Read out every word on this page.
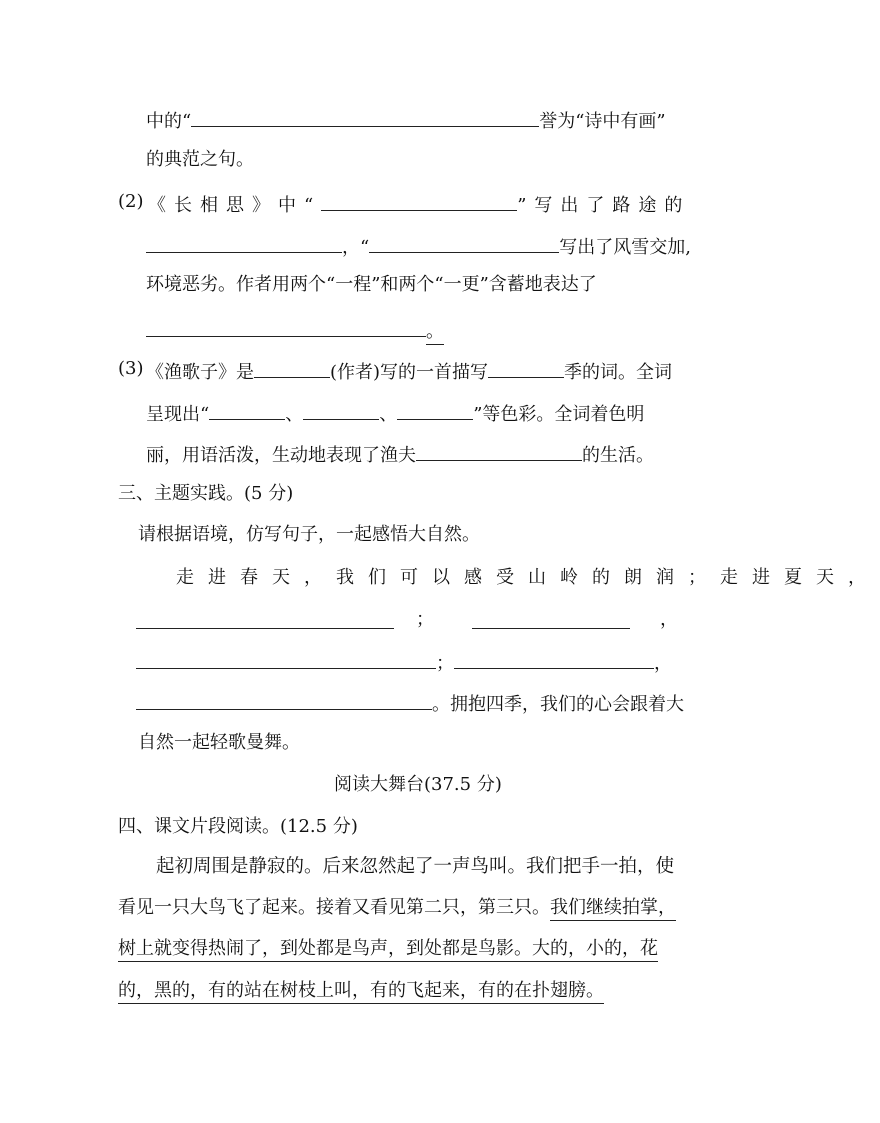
中的“	誉为“诗中有画”
的典范之句。
(2) 《长相思》中“	”写出了路途的
，“	写出了风雪交加,
环境恶劣。作者用两个“一程”和两个“一更”含蓄地表达了
。
(3) 《渔歌子》是	(作者)写的一首描写	季的词。全词
呈现出“	、	、	”等色彩。全词着色明
丽，用语活泼，生动地表现了渔夫	的生活。
三、主题实践。(5 分)
请根据语境，仿写句子，一起感悟大自然。
走进春天，我们可以感受山岭的朗润；走进夏天，
；	，
；	，
。拥抱四季，我们的心会跟着大
自然一起轻歌曼舞。
阅读大舞台(37.5 分)
四、课文片段阅读。(12.5 分)
起初周围是静寂的。后来忽然起了一声鸟叫。我们把手一拍，使
看见一只大鸟飞了起来。接着又看见第二只，第三只。我们继续拍掌，
树上就变得热闹了，到处都是鸟声，到处都是鸟影。大的，小的，花
的，黑的，有的站在树枝上叫，有的飞起来，有的在扑翅膀。
